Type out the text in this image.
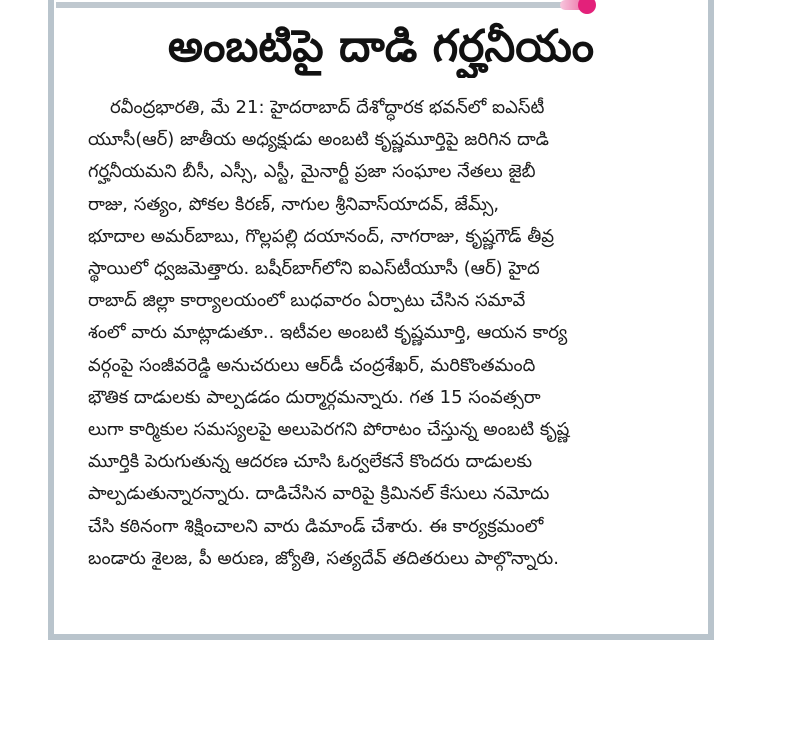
అంబటిపై దాడి గర్హనీయం
రవీంద్రభారతి, మే 21: హైదరాబాద్ దేశోద్ధారక భవన్‌లో ఐఎస్‌టీ
యూసీ(ఆర్) జాతీయ అధ్యక్షుడు అంబటి కృష్ణమూర్తిపై జరిగిన దాడి
గర్హనీయమని బీసీ, ఎస్సీ, ఎస్టీ, మైనార్టీ ప్రజా సంఘాల నేతలు జైబీ
రాజు, సత్యం, పోకల కిరణ్, నాగుల శ్రీనివాస్‌యాదవ్, జేమ్స్,
భూదాల అమర్‌బాబు, గొల్లపల్లి దయానంద్, నాగరాజు, కృష్ణగౌడ్ తీవ్ర
స్థాయిలో ధ్వజమెత్తారు. బషీర్‌బాగ్‌లోని ఐఎస్‌టీయూసీ (ఆర్) హైద
రాబాద్ జిల్లా కార్యాలయంలో బుధవారం ఏర్పాటు చేసిన సమావే
శంలో వారు మాట్లాడుతూ.. ఇటీవల అంబటి కృష్ణమూర్తి, ఆయన కార్య
వర్గంపై సంజీవరెడ్డి అనుచరులు ఆర్‌డీ చంద్రశేఖర్, మరికొంతమంది
భౌతిక దాడులకు పాల్పడడం దుర్మార్గమన్నారు. గత 15 సంవత్సరా
లుగా కార్మికుల సమస్యలపై అలుపెరగని పోరాటం చేస్తున్న అంబటి కృష్ణ
మూర్తికి పెరుగుతున్న ఆదరణ చూసి ఓర్వలేకనే కొందరు దాడులకు
పాల్పడుతున్నారన్నారు. దాడిచేసిన వారిపై క్రిమినల్ కేసులు నమోదు
చేసి కఠినంగా శిక్షించాలని వారు డిమాండ్ చేశారు. ఈ కార్యక్రమంలో
బండారు శైలజ, పీ అరుణ, జ్యోతి, సత్యదేవ్ తదితరులు పాల్గొన్నారు.
